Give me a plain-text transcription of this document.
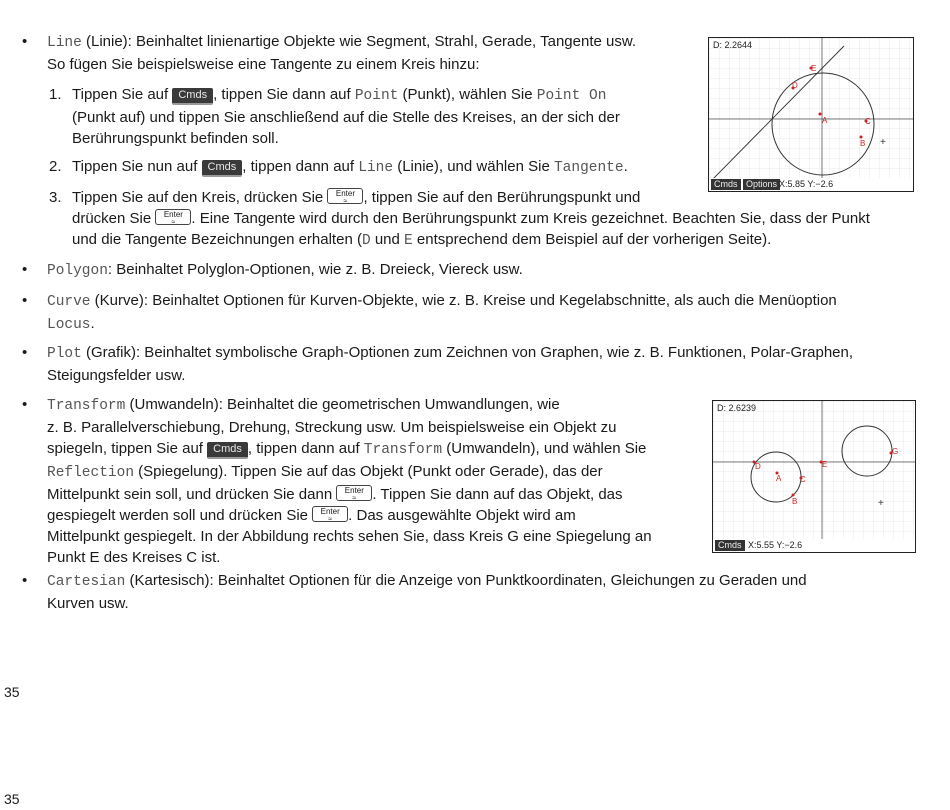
•	Line (Linie): Beinhaltet linienartige Objekte wie Segment, Strahl, Gerade, Tangente usw.
So fügen Sie beispielsweise eine Tangente zu einem Kreis hinzu:
1. Tippen Sie auf Cmds , tippen Sie dann auf Point (Punkt), wählen Sie Point On
(Punkt auf) und tippen Sie anschließend auf die Stelle des Kreises, an der sich der
Berührungspunkt befinden soll.
2. Tippen Sie nun auf Cmds , tippen dann auf Line (Linie), und wählen Sie Tangente.
3. Tippen Sie auf den Kreis, drücken Sie	Enter
≈	, tippen Sie auf den Berührungspunkt und
drücken Sie	Enter
≈	. Eine Tangente wird durch den Berührungspunkt zum Kreis gezeichnet. Beachten Sie, dass der Punkt
und die Tangente Bezeichnungen erhalten (D und E entsprechend dem Beispiel auf der vorherigen Seite).
•	Polygon: Beinhaltet Polyglon-Optionen, wie z. B. Dreieck, Viereck usw.
•	Curve (Kurve): Beinhaltet Optionen für Kurven-Objekte, wie z. B. Kreise und Kegelabschnitte, als auch die Menüoption
Locus.
•	Plot (Grafik): Beinhaltet symbolische Graph-Optionen zum Zeichnen von Graphen, wie z. B. Funktionen, Polar-Graphen,
Steigungsfelder usw.
•	Transform (Umwandeln): Beinhaltet die geometrischen Umwandlungen, wie
z. B. Parallelverschiebung, Drehung, Streckung usw. Um beispielsweise ein Objekt zu
spiegeln, tippen Sie auf Cmds , tippen dann auf Transform (Umwandeln), und wählen Sie
Reflection (Spiegelung). Tippen Sie auf das Objekt (Punkt oder Gerade), das der
Mittelpunkt sein soll, und drücken Sie dann	Enter
≈	. Tippen Sie dann auf das Objekt, das
gespiegelt werden soll und drücken Sie	Enter
≈	. Das ausgewählte Objekt wird am
Mittelpunkt gespiegelt. In der Abbildung rechts sehen Sie, dass Kreis G eine Spiegelung an
Punkt E des Kreises C ist.
•	Cartesian (Kartesisch): Beinhaltet Optionen für die Anzeige von Punktkoordinaten, Gleichungen zu Geraden und
Kurven usw.
A
B
C
D
E
+
D: 2.2644
Cmds Options X:5.85 Y:−2.6
A
B
C
D	E
G
+
D: 2.6239
Cmds X:5.55 Y:−2.6
35
35
